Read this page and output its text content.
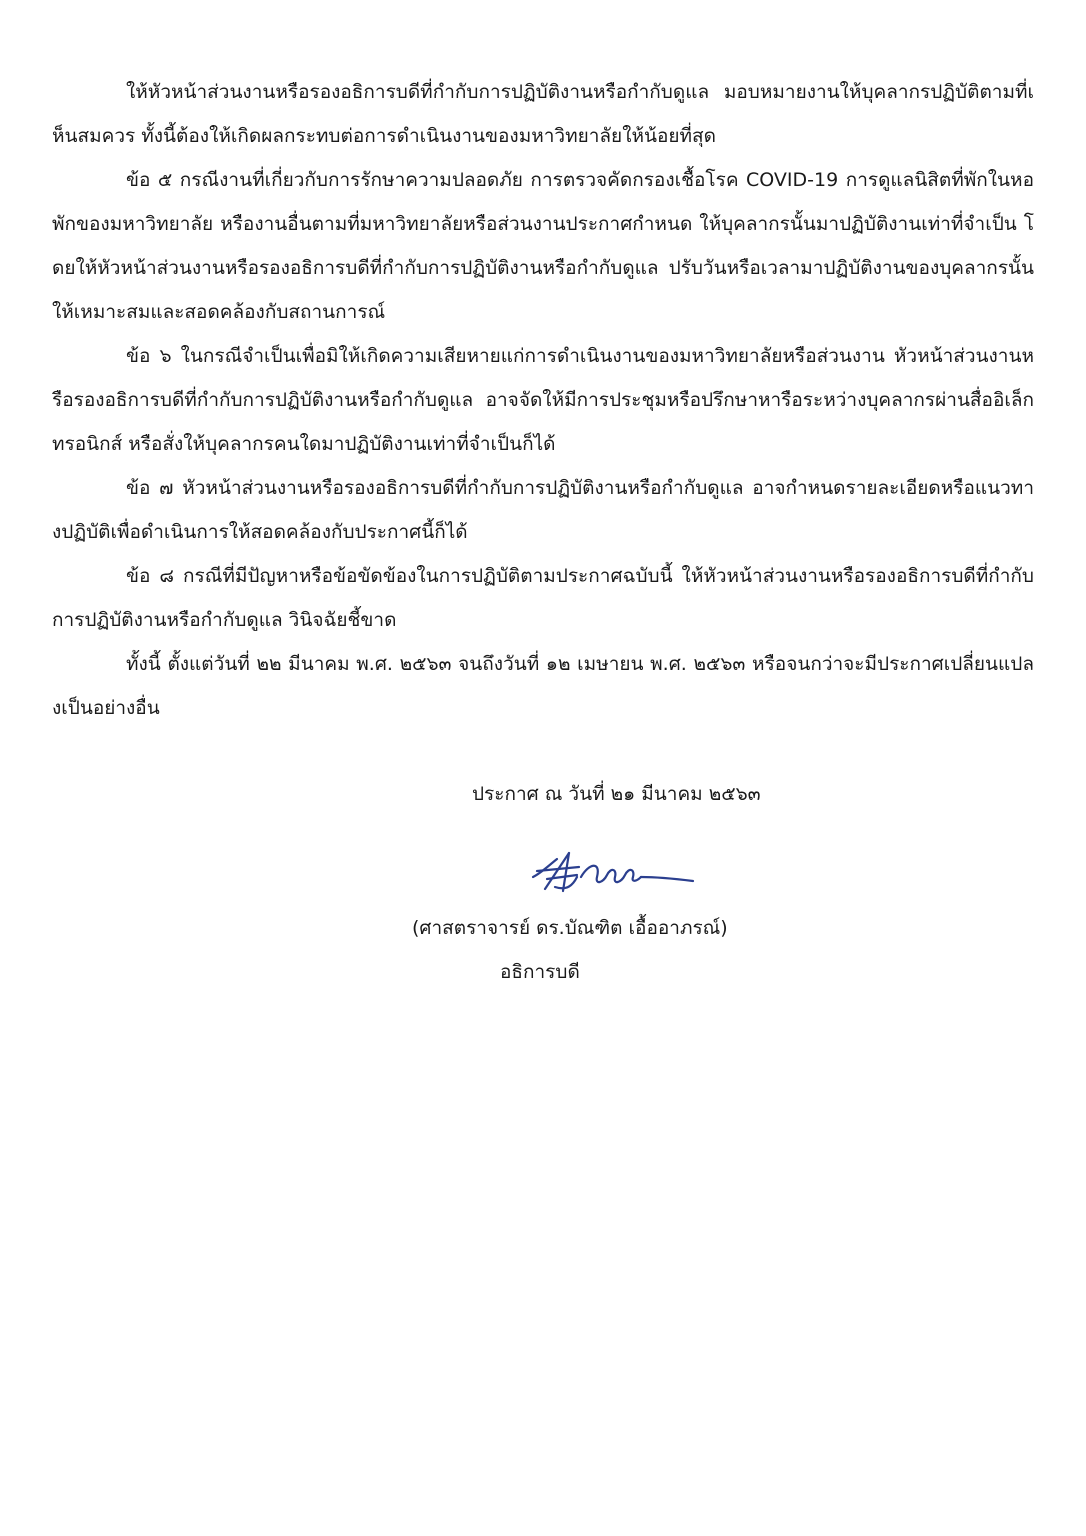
ให้หัวหน้าส่วนงานหรือรองอธิการบดีที่กำกับการปฏิบัติงานหรือกำกับดูแล มอบหมายงานให้บุคลากรปฏิบัติตามที่เห็นสมควร ทั้งนี้ต้องให้เกิดผลกระทบต่อการดำเนินงานของมหาวิทยาลัยให้น้อยที่สุด

ข้อ ๕ กรณีงานที่เกี่ยวกับการรักษาความปลอดภัย การตรวจคัดกรองเชื้อโรค COVID-19 การดูแลนิสิตที่พักในหอพักของมหาวิทยาลัย หรืองานอื่นตามที่มหาวิทยาลัยหรือส่วนงานประกาศกำหนด ให้บุคลากรนั้นมาปฏิบัติงานเท่าที่จำเป็น โดยให้หัวหน้าส่วนงานหรือรองอธิการบดีที่กำกับการปฏิบัติงานหรือกำกับดูแล ปรับวันหรือเวลามาปฏิบัติงานของบุคลากรนั้นให้เหมาะสมและสอดคล้องกับสถานการณ์

ข้อ ๖ ในกรณีจำเป็นเพื่อมิให้เกิดความเสียหายแก่การดำเนินงานของมหาวิทยาลัยหรือส่วนงาน หัวหน้าส่วนงานหรือรองอธิการบดีที่กำกับการปฏิบัติงานหรือกำกับดูแล อาจจัดให้มีการประชุมหรือปรึกษาหารือระหว่างบุคลากรผ่านสื่ออิเล็กทรอนิกส์ หรือสั่งให้บุคลากรคนใดมาปฏิบัติงานเท่าที่จำเป็นก็ได้

ข้อ ๗ หัวหน้าส่วนงานหรือรองอธิการบดีที่กำกับการปฏิบัติงานหรือกำกับดูแล อาจกำหนดรายละเอียดหรือแนวทางปฏิบัติเพื่อดำเนินการให้สอดคล้องกับประกาศนี้ก็ได้

ข้อ ๘ กรณีที่มีปัญหาหรือข้อขัดข้องในการปฏิบัติตามประกาศฉบับนี้ ให้หัวหน้าส่วนงานหรือรองอธิการบดีที่กำกับการปฏิบัติงานหรือกำกับดูแล วินิจฉัยชี้ขาด

ทั้งนี้ ตั้งแต่วันที่ ๒๒ มีนาคม พ.ศ. ๒๕๖๓ จนถึงวันที่ ๑๒ เมษายน พ.ศ. ๒๕๖๓ หรือจนกว่าจะมีประกาศเปลี่ยนแปลงเป็นอย่างอื่น

ประกาศ ณ วันที่ ๒๑ มีนาคม ๒๕๖๓
(ศาสตราจารย์ ดร.บัณฑิต เอื้ออาภรณ์)
อธิการบดี
